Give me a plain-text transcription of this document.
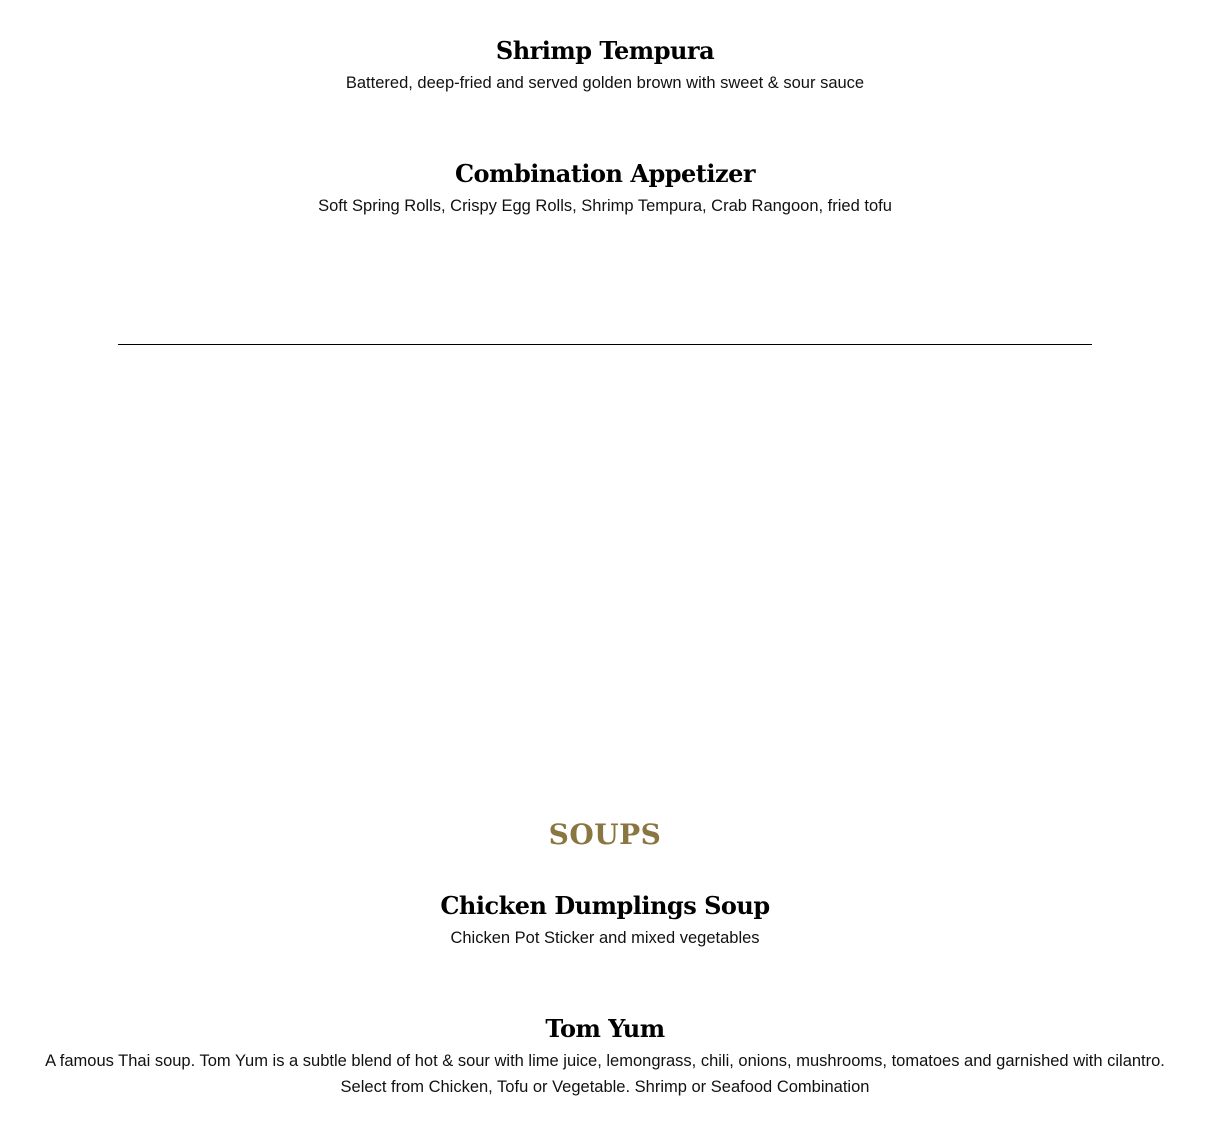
Shrimp Tempura

Battered, deep-fried and served golden brown with sweet & sour sauce

Combination Appetizer

Soft Spring Rolls, Crispy Egg Rolls, Shrimp Tempura, Crab Rangoon, fried tofu

SOUPS
Chicken Dumplings Soup

Chicken Pot Sticker and mixed vegetables

Tom Yum

A famous Thai soup. Tom Yum is a subtle blend of hot & sour with lime juice, lemongrass, chili, onions, mushrooms, tomatoes and garnished with cilantro.

Select from Chicken, Tofu or Vegetable. Shrimp or Seafood Combination
